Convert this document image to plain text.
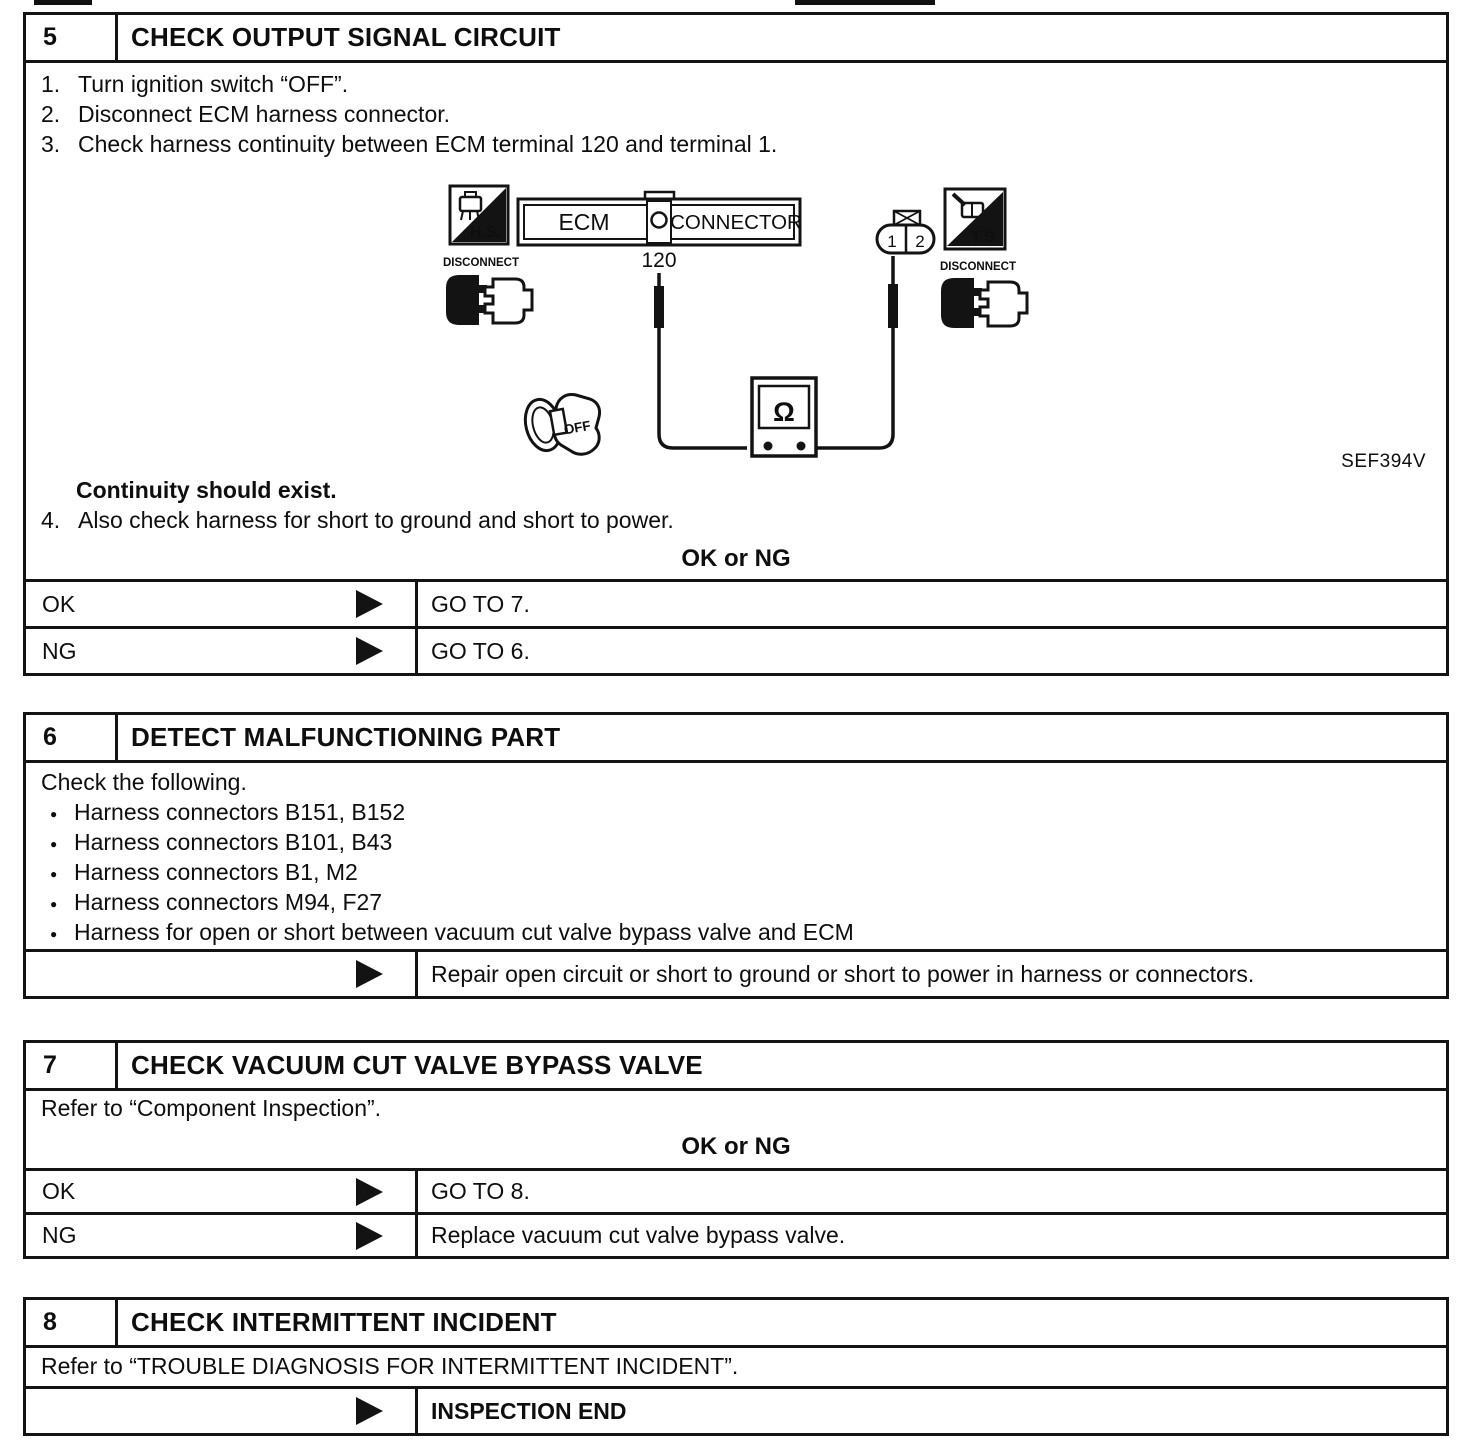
5	CHECK OUTPUT SIGNAL CIRCUIT
1. Turn ignition switch “OFF”.
2. Disconnect ECM harness connector.
3. Check harness continuity between ECM terminal 120 and terminal 1.
H.S.
DISCONNECT
ECM	CONNECTOR
120
Ω
OFF
1 2	T.S.
DISCONNECT
SEF394V
Continuity should exist.
4. Also check harness for short to ground and short to power.
OK or NG
OK	GO TO 7.
NG	GO TO 6.
6	DETECT MALFUNCTIONING PART
Check the following.
● Harness connectors B151, B152
● Harness connectors B101, B43
● Harness connectors B1, M2
● Harness connectors M94, F27
● Harness for open or short between vacuum cut valve bypass valve and ECM
Repair open circuit or short to ground or short to power in harness or connectors.
7	CHECK VACUUM CUT VALVE BYPASS VALVE
Refer to “Component Inspection”.
OK or NG
OK	GO TO 8.
NG	Replace vacuum cut valve bypass valve.
8	CHECK INTERMITTENT INCIDENT
Refer to “TROUBLE DIAGNOSIS FOR INTERMITTENT INCIDENT”.
INSPECTION END
